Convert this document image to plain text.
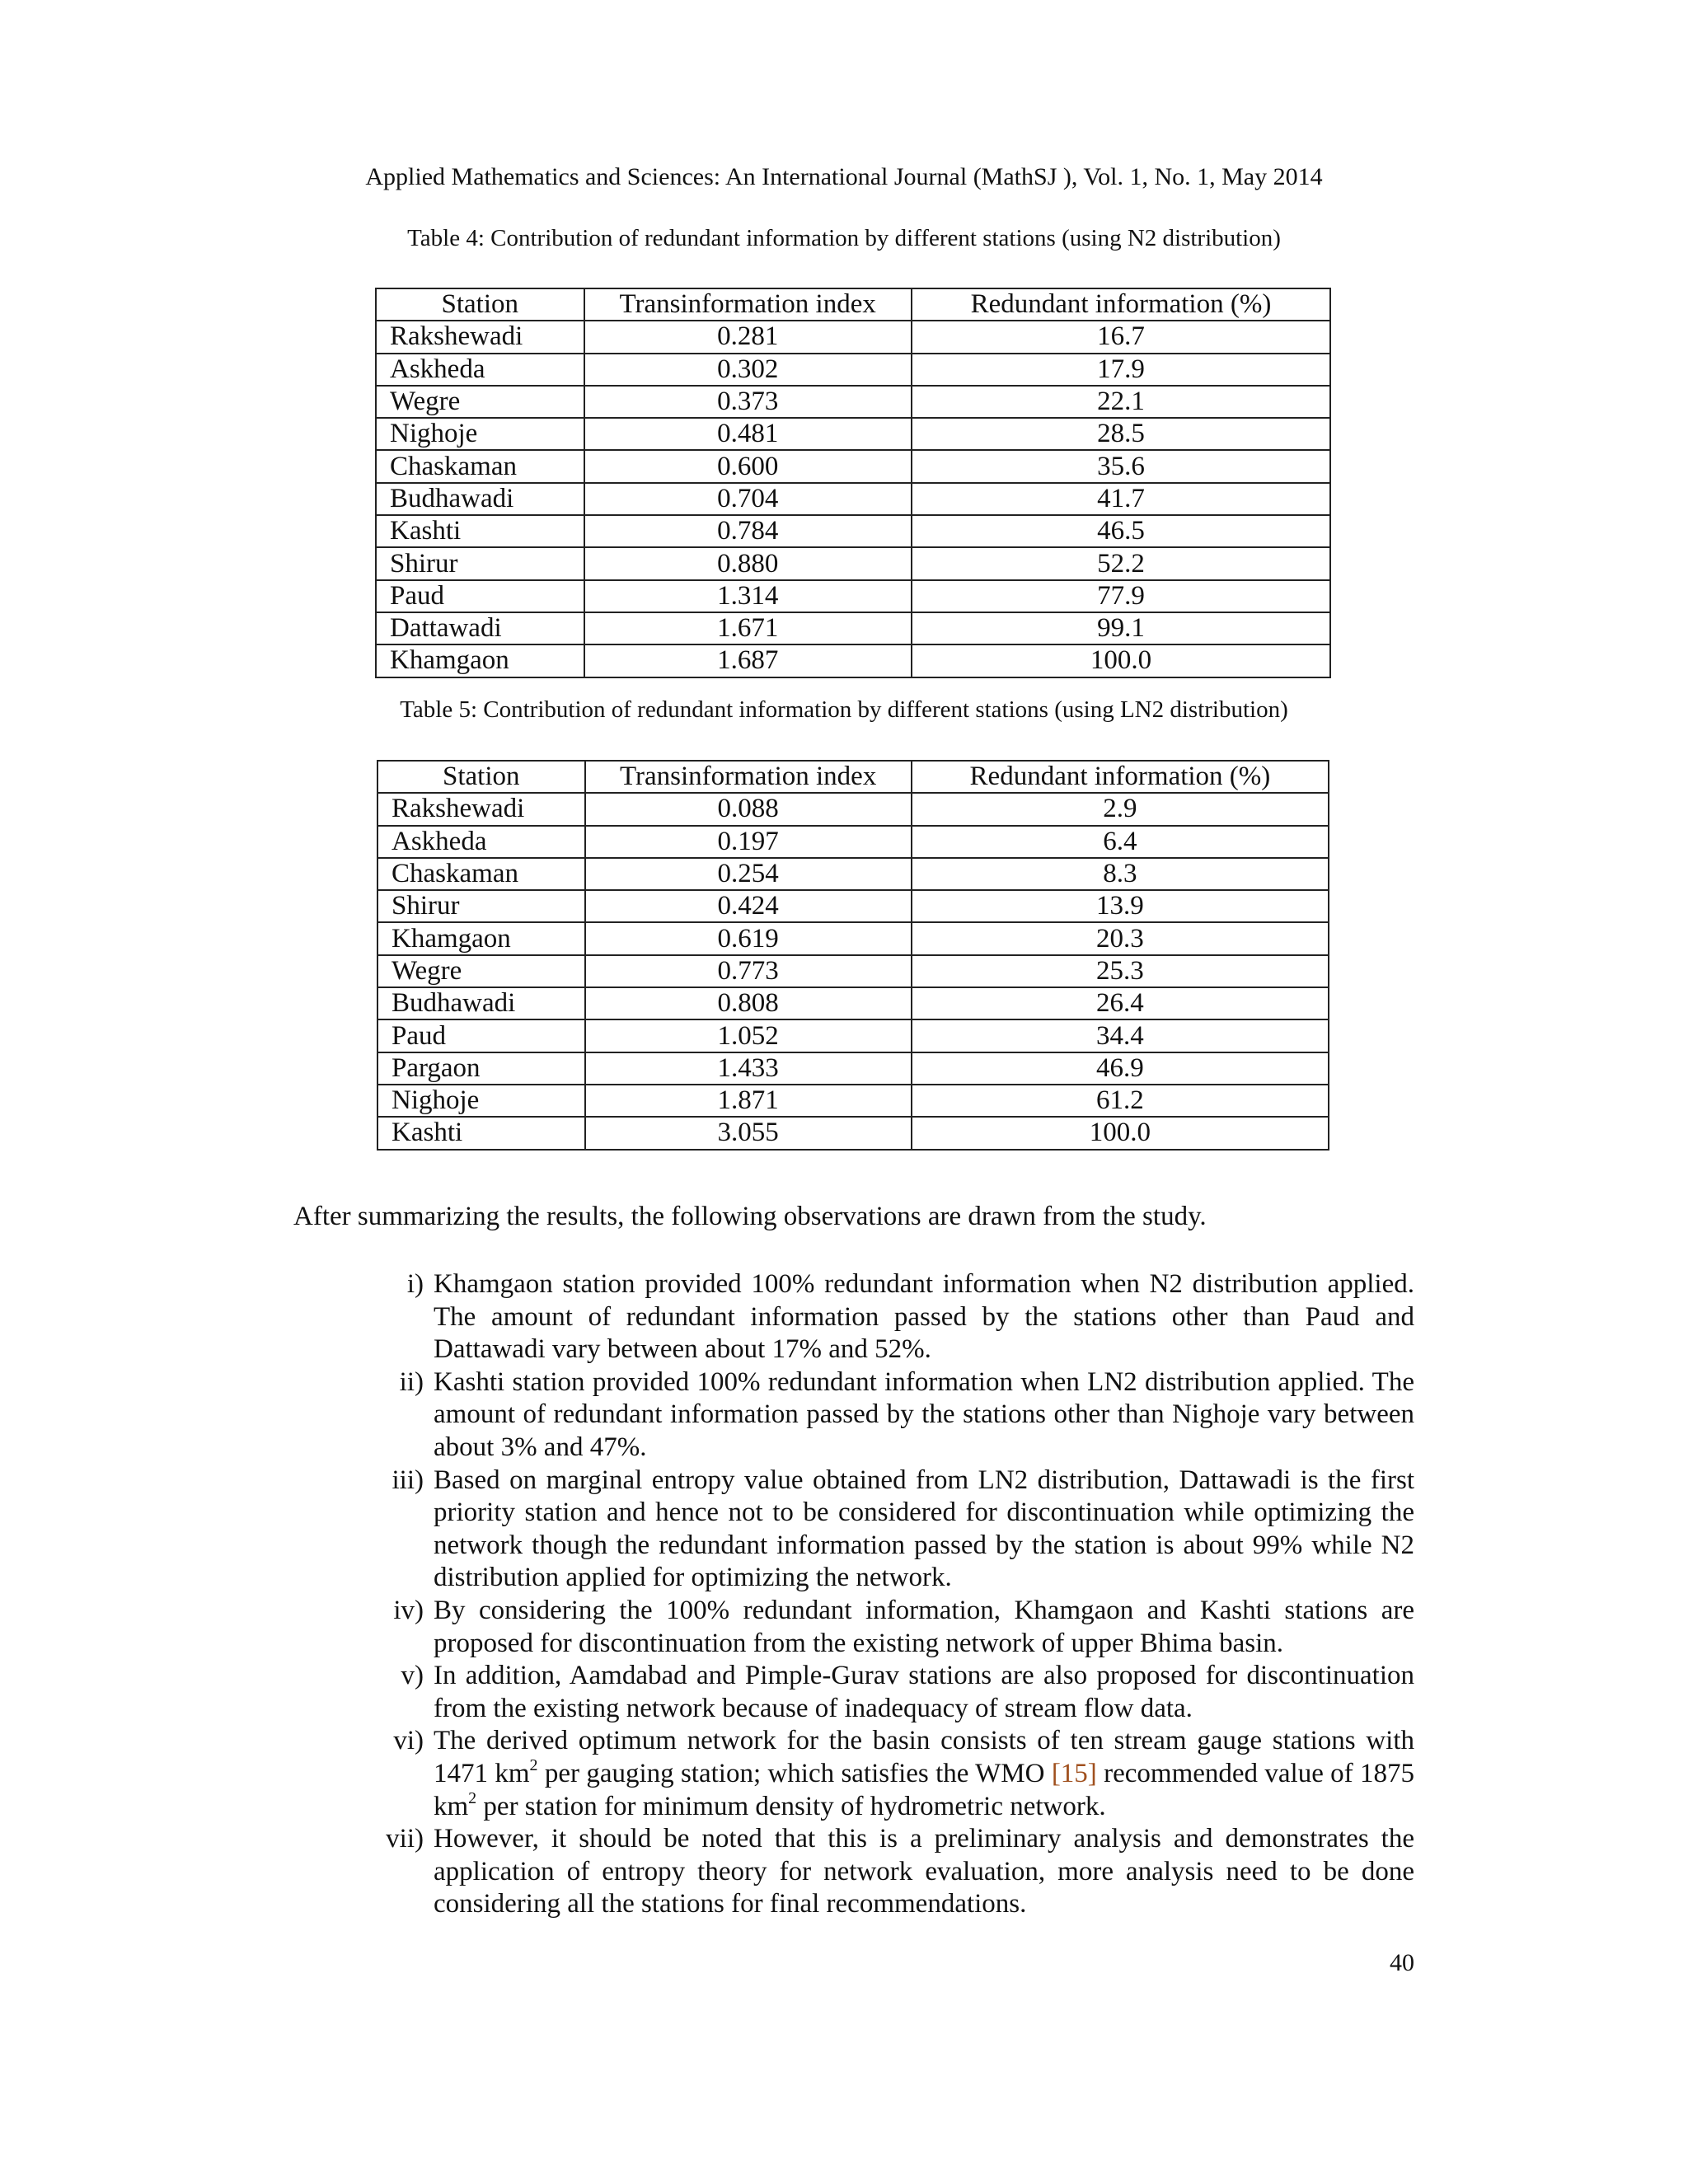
Applied Mathematics and Sciences: An International Journal (MathSJ ), Vol. 1, No. 1, May 2014
Table 4: Contribution of redundant information by different stations (using N2 distribution)
Station	Transinformation index	Redundant information (%)
Rakshewadi	0.281	16.7
Askheda	0.302	17.9
Wegre	0.373	22.1
Nighoje	0.481	28.5
Chaskaman	0.600	35.6
Budhawadi	0.704	41.7
Kashti	0.784	46.5
Shirur	0.880	52.2
Paud	1.314	77.9
Dattawadi	1.671	99.1
Khamgaon	1.687	100.0
Table 5: Contribution of redundant information by different stations (using LN2 distribution)
Station	Transinformation index	Redundant information (%)
Rakshewadi	0.088	2.9
Askheda	0.197	6.4
Chaskaman	0.254	8.3
Shirur	0.424	13.9
Khamgaon	0.619	20.3
Wegre	0.773	25.3
Budhawadi	0.808	26.4
Paud	1.052	34.4
Pargaon	1.433	46.9
Nighoje	1.871	61.2
Kashti	3.055	100.0
After summarizing the results, the following observations are drawn from the study.
i) Khamgaon station provided 100% redundant information when N2 distribution applied. The amount of redundant information passed by the stations other than Paud and Dattawadi vary between about 17% and 52%.
ii) Kashti station provided 100% redundant information when LN2 distribution applied. The amount of redundant information passed by the stations other than Nighoje vary between about 3% and 47%.
iii) Based on marginal entropy value obtained from LN2 distribution, Dattawadi is the first priority station and hence not to be considered for discontinuation while optimizing the network though the redundant information passed by the station is about 99% while N2 distribution applied for optimizing the network.
iv) By considering the 100% redundant information, Khamgaon and Kashti stations are proposed for discontinuation from the existing network of upper Bhima basin.
v) In addition, Aamdabad and Pimple-Gurav stations are also proposed for discontinuation from the existing network because of inadequacy of stream flow data.
vi) The derived optimum network for the basin consists of ten stream gauge stations with 1471 $km^2$ per gauging station; which satisfies the WMO [15] recommended value of 1875 $km^2$ per station for minimum density of hydrometric network.
vii) However, it should be noted that this is a preliminary analysis and demonstrates the application of entropy theory for network evaluation, more analysis need to be done considering all the stations for final recommendations.
40
